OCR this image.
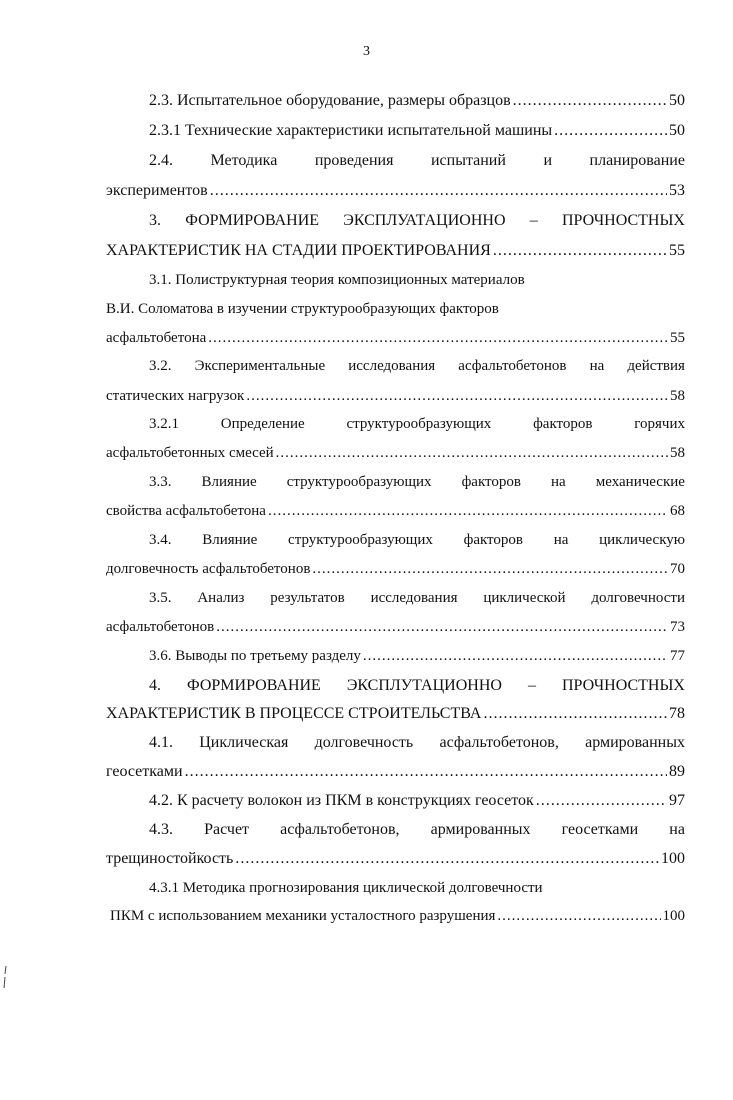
3
2.3. Испытательное оборудование, размеры образцов .....	50
2.3.1 Технические характеристики испытательной машины .....	50
2.4. Методика проведения испытаний и планирование
экспериментов .....	53
3. ФОРМИРОВАНИЕ ЭКСПЛУАТАЦИОННО – ПРОЧНОСТНЫХ
ХАРАКТЕРИСТИК НА СТАДИИ ПРОЕКТИРОВАНИЯ .....	55
3.1. Полиструктурная теория композиционных материалов
В.И. Соломатова в изучении структурообразующих факторов
асфальтобетона .....	55
3.2. Экспериментальные исследования асфальтобетонов на действия
статических нагрузок .....	58
3.2.1	Определение	структурообразующих	факторов	горячих
асфальтобетонных смесей .....	58
3.3. Влияние структурообразующих факторов на механические
свойства асфальтобетона .....	68
3.4. Влияние структурообразующих факторов на циклическую
долговечность асфальтобетонов .....	70
3.5. Анализ результатов исследования циклической долговечности
асфальтобетонов .....	73
3.6. Выводы по третьему разделу .....	77
4. ФОРМИРОВАНИЕ ЭКСПЛУТАЦИОННО – ПРОЧНОСТНЫХ
ХАРАКТЕРИСТИК В ПРОЦЕССЕ СТРОИТЕЛЬСТВА .....	78
4.1. Циклическая долговечность асфальтобетонов, армированных
геосетками .....	89
4.2. К расчету волокон из ПКМ в конструкциях геосеток .....	97
4.3. Расчет асфальтобетонов, армированных геосетками на
трещиностойкость .....	100
4.3.1 Методика прогнозирования циклической долговечности
ПКМ с использованием механики усталостного разрушения .....	100
